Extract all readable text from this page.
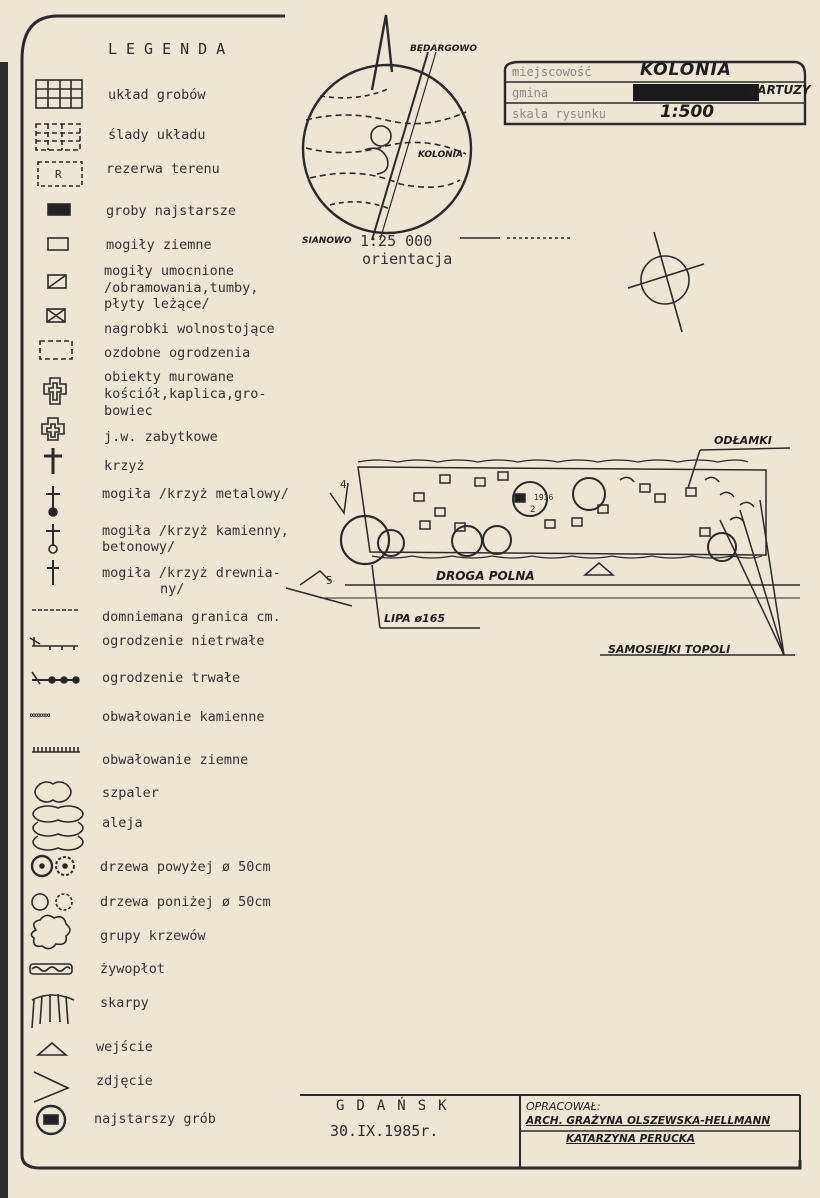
R
LEGENDA
układ grobów
ślady układu
rezerwa terenu
groby najstarsze
mogiły ziemne
mogiły umocnione
/obramowania,tumby,
płyty leżące/
nagrobki wolnostojące
ozdobne ogrodzenia
obiekty murowane
kościół,kaplica,gro-
bowiec
j.w. zabytkowe
krzyż
mogiła /krzyż metalowy/
mogiła /krzyż kamienny,
betonowy/
mogiła /krzyż drewnia-
ny/
domniemana granica cm.
ogrodzenie nietrwałe
ogrodzenie trwałe
obwałowanie kamienne
obwałowanie ziemne
szpaler
aleja
drzewa powyżej ø 50cm
drzewa poniżej ø 50cm
grupy krzewów
żywopłot
skarpy
wejście
zdjęcie
najstarszy grób
∞∞∞∞
miejscowość	KOLONIA
gmina	KARTUZY
skala rysunku	1:500
BĘDARGOWO
KOLONIA
SIANOWO 1:25 000
orientacja
ODŁAMKI
DROGA POLNA
LIPA ø165
SAMOSIEJKI TOPOLI
1936
2
4
5
GDAŃSK
30.IX.1985r.
OPRACOWAŁ:
ARCH. GRAŻYNA OLSZEWSKA-HELLMANN
KATARZYNA PERUCKA
